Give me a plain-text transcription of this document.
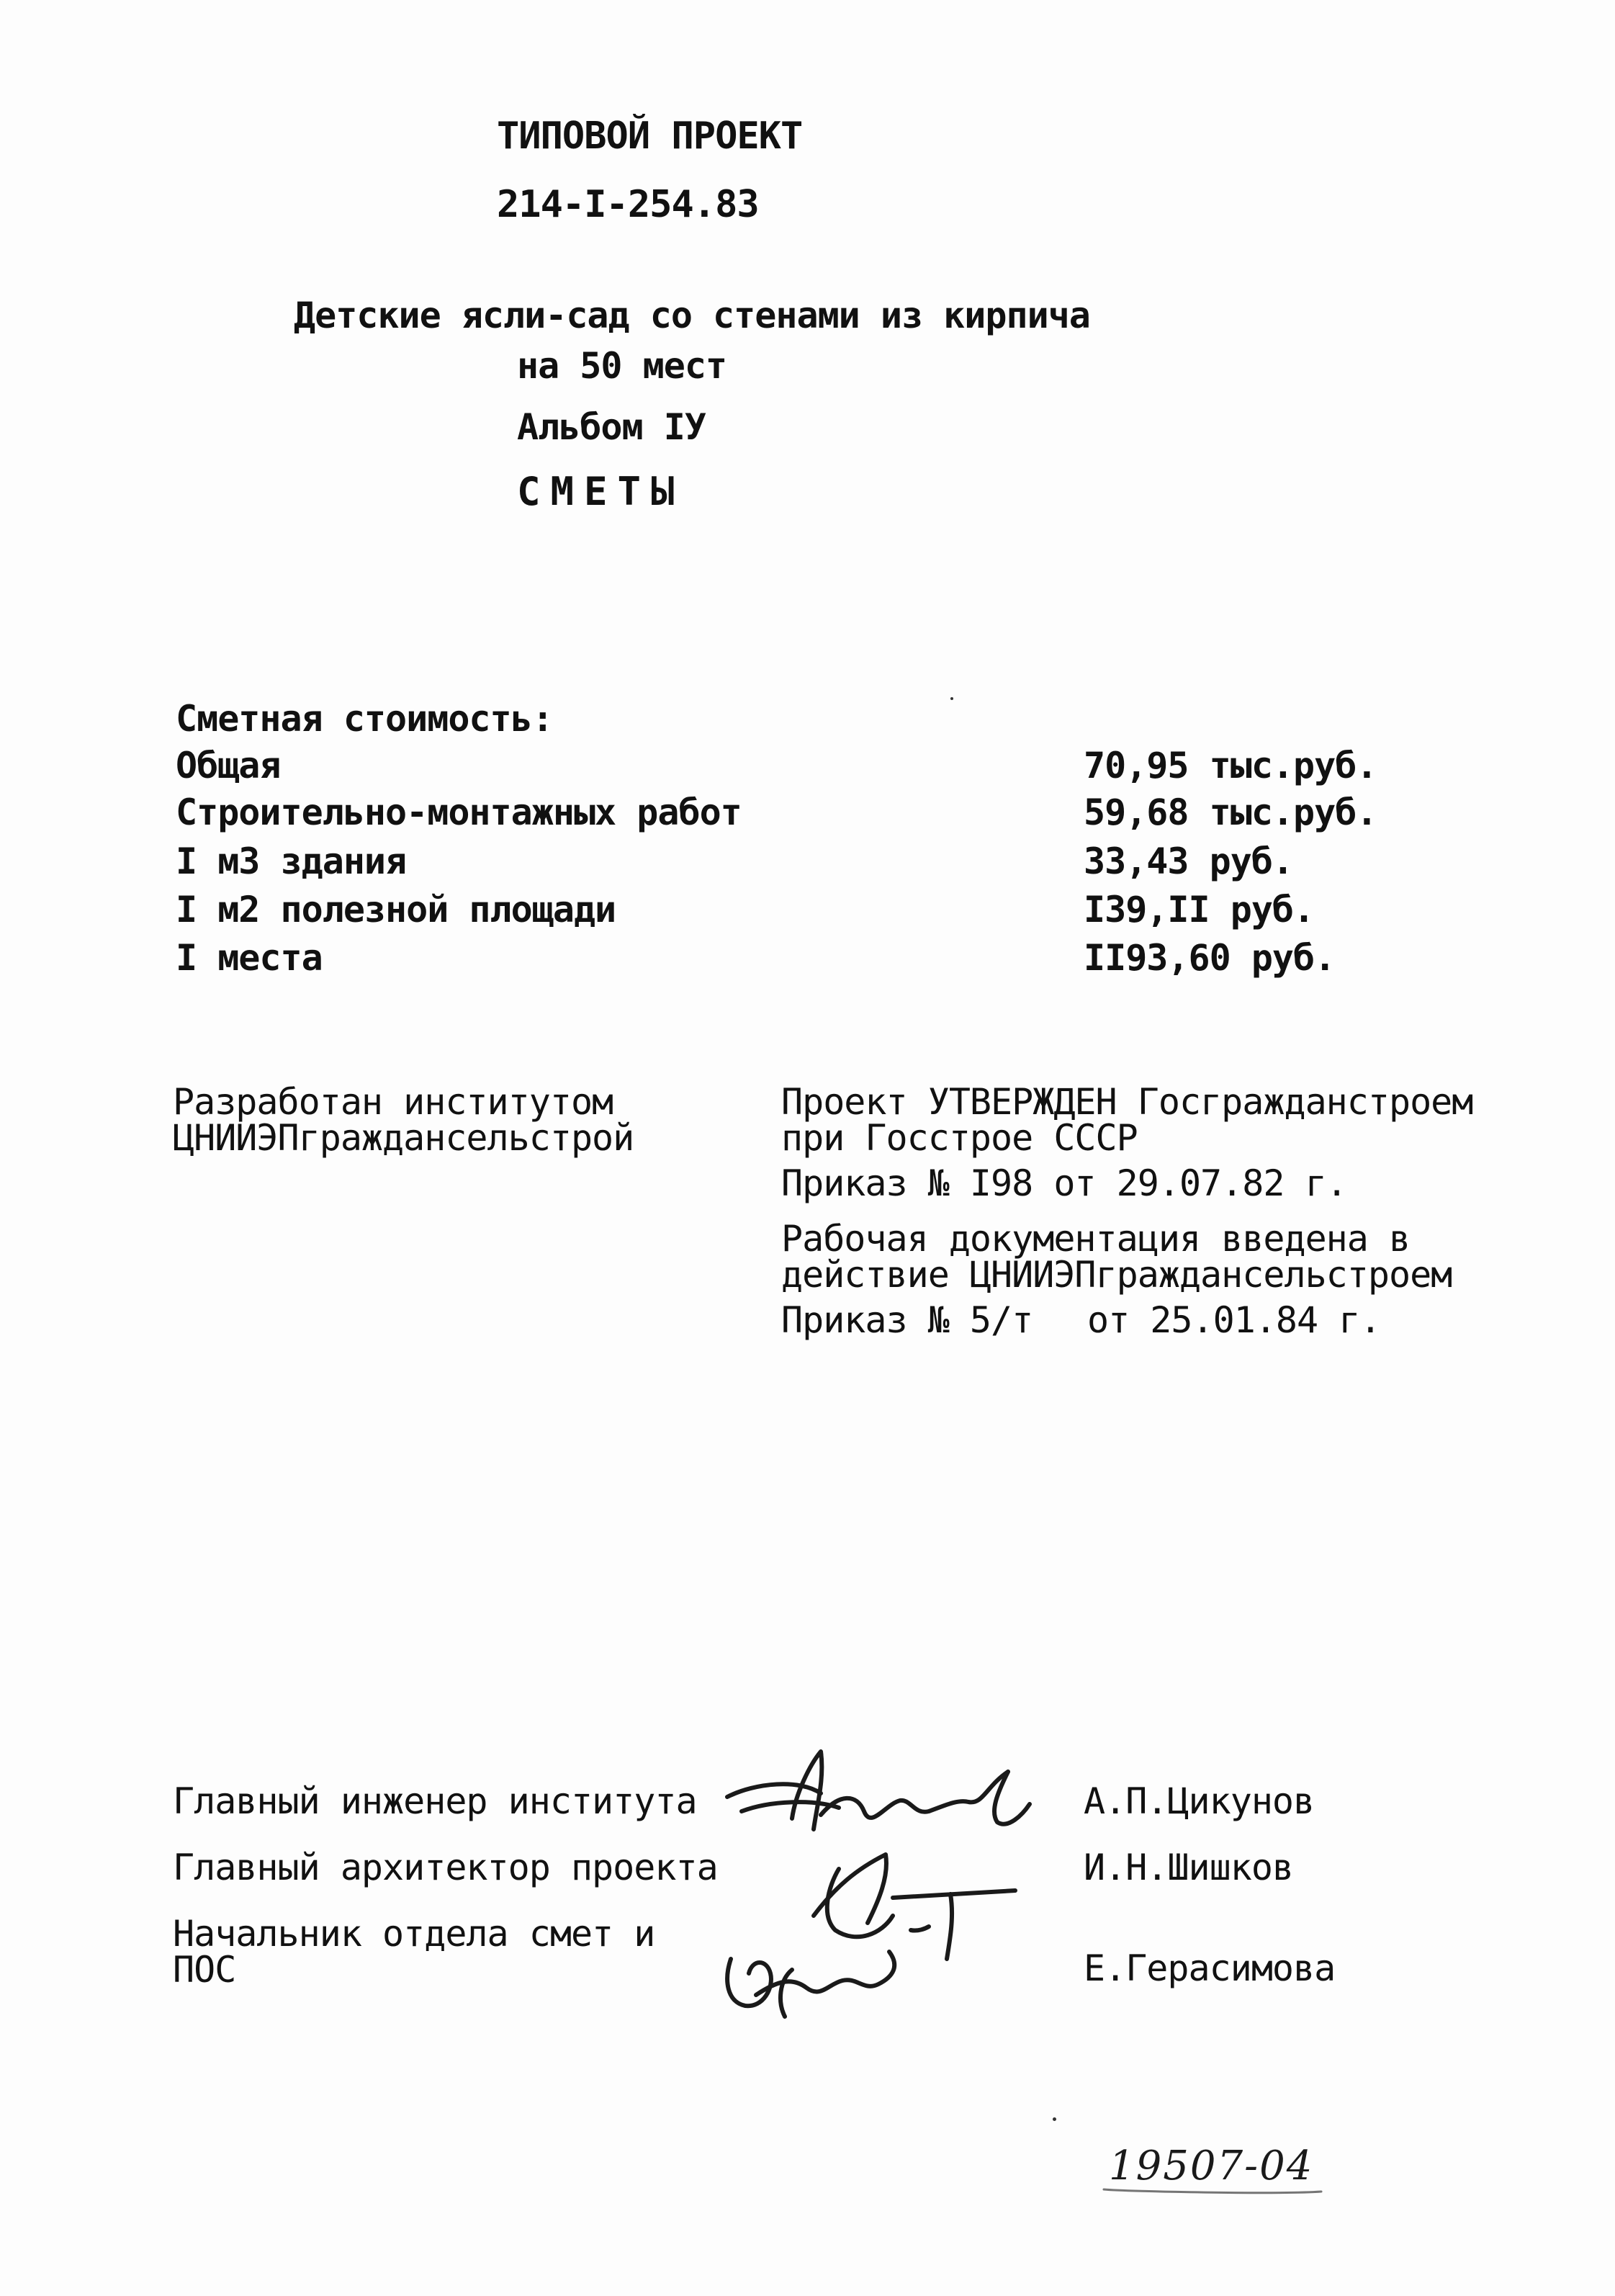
ТИПОВОЙ ПРОЕКТ
214-I-254.83
Детские ясли-сад со стенами из кирпича
на 50 мест
Альбом IУ
СМЕТЫ
Сметная стоимость:
Общая	70,95 тыс.руб.
Строительно-монтажных работ	59,68 тыс.руб.
I м3 здания	33,43 руб.
I м2 полезной площади	I39,II руб.
I места	II93,60 руб.
Разработан институтом
ЦНИИЭПграждансельстрой
Проект УТВЕРЖДЕН Госгражданстроем
при Госстрое СССР
Приказ № I98 от 29.07.82 г.
Рабочая документация введена в
действие ЦНИИЭПграждансельстроем
Приказ № 5/т от 25.01.84 г.
Главный инженер института	А.П.Цикунов
Главный архитектор проекта	И.Н.Шишков
Начальник отдела смет и
ПОС	Е.Герасимова
19507-04
